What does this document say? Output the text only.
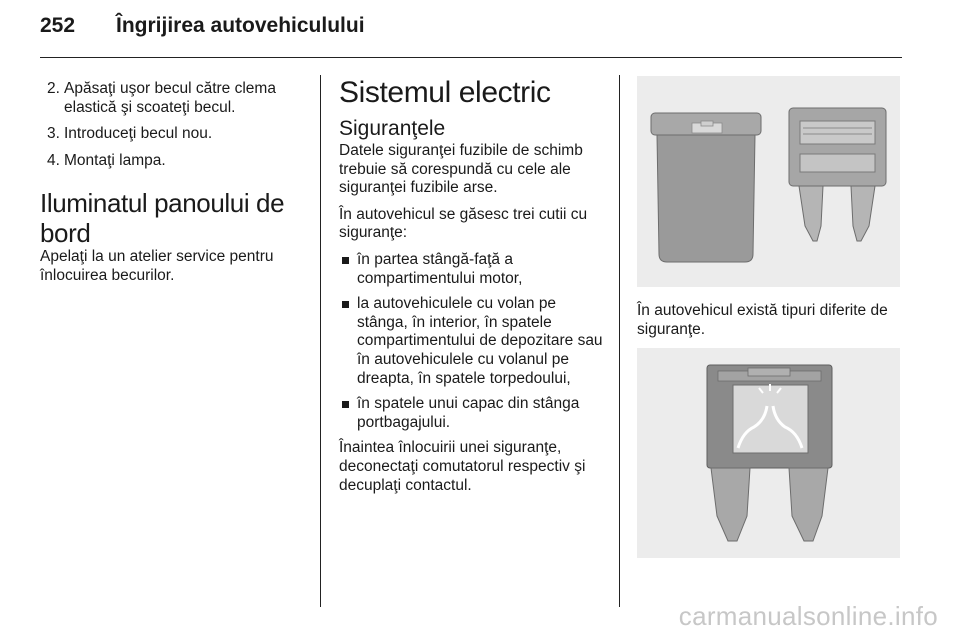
252 Îngrijirea autovehiculului
2. Apăsaţi uşor becul către clema elastică şi scoateţi becul.
3. Introduceţi becul nou.
4. Montaţi lampa.
Iluminatul panoului de bord

Apelaţi la un atelier service pentru înlocuirea becurilor.

Sistemul electric
Siguranţele

Datele siguranţei fuzibile de schimb trebuie să corespundă cu cele ale siguranţei fuzibile arse.

În autovehicul se găsesc trei cutii cu siguranţe:

în partea stângă-faţă a compartimentului motor,
la autovehiculele cu volan pe stânga, în interior, în spatele compartimentului de depozitare sau în autovehiculele cu volanul pe dreapta, în spatele torpedoului,
în spatele unui capac din stânga portbagajului.

Înaintea înlocuirii unei siguranţe, deconectaţi comutatorul respectiv şi decuplaţi contactul.

În autovehicul există tipuri diferite de siguranţe.

carmanualsonline.info
